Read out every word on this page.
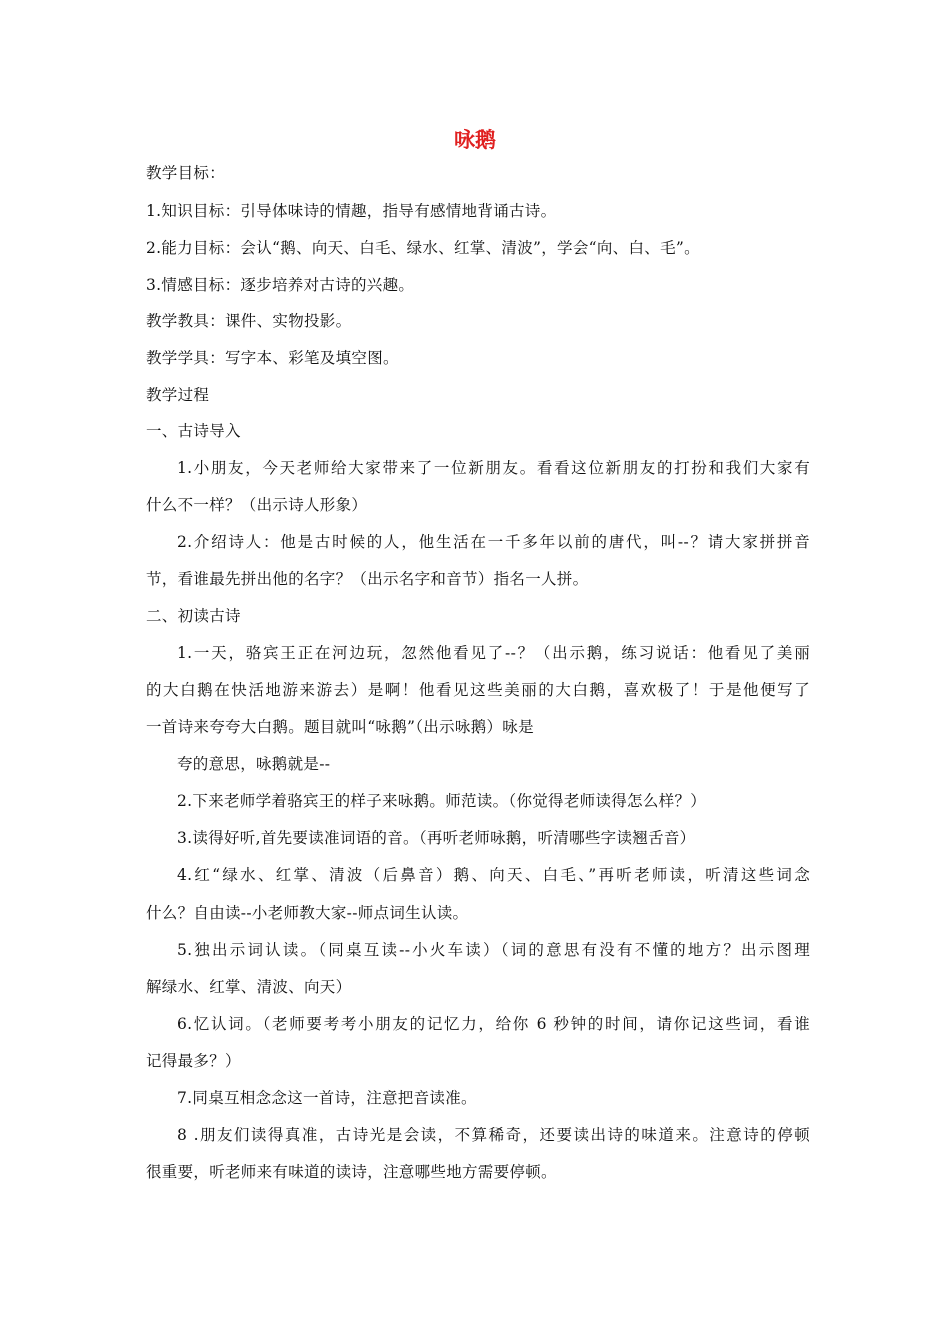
咏鹅
教学目标：
1.知识目标：引导体味诗的情趣，指导有感情地背诵古诗。
2.能力目标：会认“鹅、向天、白毛、绿水、红掌、清波”，学会“向、白、毛”。
3.情感目标：逐步培养对古诗的兴趣。
教学教具：课件、实物投影。
教学学具：写字本、彩笔及填空图。
教学过程
一、古诗导入
1.小朋友，今天老师给大家带来了一位新朋友。看看这位新朋友的打扮和我们大家有
什么不一样？（出示诗人形象）
2.介绍诗人：他是古时候的人，他生活在一千多年以前的唐代，叫--？请大家拼拼音
节，看谁最先拼出他的名字？（出示名字和音节）指名一人拼。
二、初读古诗
1.一天，骆宾王正在河边玩，忽然他看见了--？（出示鹅，练习说话：他看见了美丽
的大白鹅在快活地游来游去）是啊！他看见这些美丽的大白鹅，喜欢极了！于是他便写了
一首诗来夸夸大白鹅。题目就叫“咏鹅”（出示咏鹅）咏是
夸的意思，咏鹅就是--
2.下来老师学着骆宾王的样子来咏鹅。师范读。（你觉得老师读得怎么样？）
3.读得好听,首先要读准词语的音。（再听老师咏鹅，听清哪些字读翘舌音）
4.红“绿水、红掌、清波（后鼻音）鹅、向天、白毛、”再听老师读，听清这些词念
什么？自由读--小老师教大家--师点词生认读。
5.独出示词认读。（同桌互读--小火车读）（词的意思有没有不懂的地方？出示图理
解绿水、红掌、清波、向天）
6.忆认词。（老师要考考小朋友的记忆力，给你 6 秒钟的时间，请你记这些词，看谁
记得最多？）
7.同桌互相念念这一首诗，注意把音读准。
8 .朋友们读得真准，古诗光是会读，不算稀奇，还要读出诗的味道来。注意诗的停顿
很重要，听老师来有味道的读诗，注意哪些地方需要停顿。
